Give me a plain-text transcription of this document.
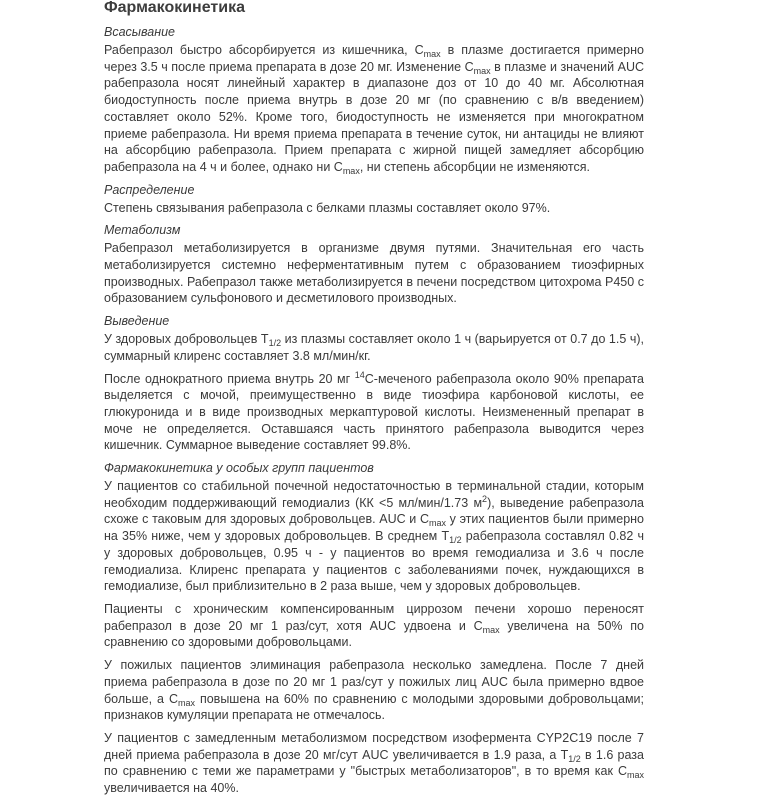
Фармакокинетика
Всасывание
Рабепразол быстро абсорбируется из кишечника, $C_{max}$ в плазме достигается примерно через 3.5 ч после приема препарата в дозе 20 мг. Изменение $C_{max}$ в плазме и значений AUC рабепразола носят линейный характер в диапазоне доз от 10 до 40 мг. Абсолютная биодоступность после приема внутрь в дозе 20 мг (по сравнению с в/в введением) составляет около 52%. Кроме того, биодоступность не изменяется при многократном приеме рабепразола. Ни время приема препарата в течение суток, ни антациды не влияют на абсорбцию рабепразола. Прием препарата с жирной пищей замедляет абсорбцию рабепразола на 4 ч и более, однако ни $C_{max}$, ни степень абсорбции не изменяются.
Распределение
Степень связывания рабепразола с белками плазмы составляет около 97%.
Метаболизм
Рабепразол метаболизируется в организме двумя путями. Значительная его часть метаболизируется системно неферментативным путем с образованием тиоэфирных производных. Рабепразол также метаболизируется в печени посредством цитохрома P450 с образованием сульфонового и десметилового производных.
Выведение
У здоровых добровольцев $T_{1/2}$ из плазмы составляет около 1 ч (варьируется от 0.7 до 1.5 ч), суммарный клиренс составляет 3.8 мл/мин/кг.
После однократного приема внутрь 20 мг $^{14}$C-меченого рабепразола около 90% препарата выделяется с мочой, преимущественно в виде тиоэфира карбоновой кислоты, ее глюкуронида и в виде производных меркаптуровой кислоты. Неизмененный препарат в моче не определяется. Оставшаяся часть принятого рабепразола выводится через кишечник. Суммарное выведение составляет 99.8%.
Фармакокинетика у особых групп пациентов
У пациентов со стабильной почечной недостаточностью в терминальной стадии, которым необходим поддерживающий гемодиализ (КК <5 мл/мин/1.73 $м^2$), выведение рабепразола схоже с таковым для здоровых добровольцев. AUC и $C_{max}$ у этих пациентов были примерно на 35% ниже, чем у здоровых добровольцев. В среднем $T_{1/2}$ рабепразола составлял 0.82 ч у здоровых добровольцев, 0.95 ч - у пациентов во время гемодиализа и 3.6 ч после гемодиализа. Клиренс препарата у пациентов с заболеваниями почек, нуждающихся в гемодиализе, был приблизительно в 2 раза выше, чем у здоровых добровольцев.
Пациенты с хроническим компенсированным циррозом печени хорошо переносят рабепразол в дозе 20 мг 1 раз/сут, хотя AUC удвоена и $C_{max}$ увеличена на 50% по сравнению со здоровыми добровольцами.
У пожилых пациентов элиминация рабепразола несколько замедлена. После 7 дней приема рабепразола в дозе по 20 мг 1 раз/сут у пожилых лиц AUC была примерно вдвое больше, а $C_{max}$ повышена на 60% по сравнению с молодыми здоровыми добровольцами; признаков кумуляции препарата не отмечалось.
У пациентов с замедленным метаболизмом посредством изофермента CYP2C19 после 7 дней приема рабепразола в дозе 20 мг/сут AUC увеличивается в 1.9 раза, а $T_{1/2}$ в 1.6 раза по сравнению с теми же параметрами у "быстрых метаболизаторов", в то время как $C_{max}$ увеличивается на 40%.
